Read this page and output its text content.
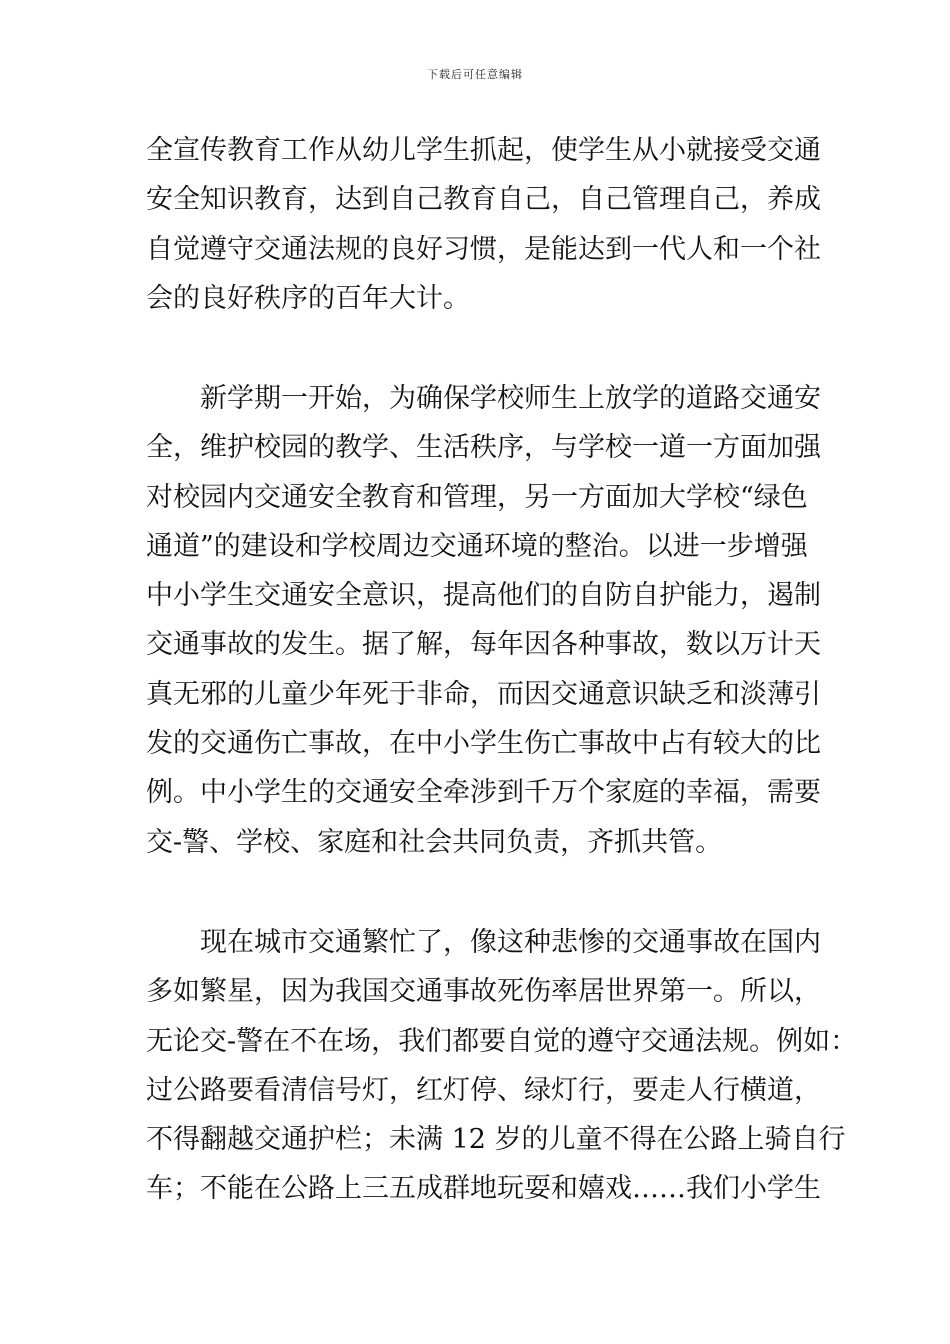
下载后可任意编辑
全宣传教育工作从幼儿学生抓起，使学生从小就接受交通
安全知识教育，达到自己教育自己，自己管理自己，养成
自觉遵守交通法规的良好习惯，是能达到一代人和一个社
会的良好秩序的百年大计。
新学期一开始，为确保学校师生上放学的道路交通安
全，维护校园的教学、生活秩序，与学校一道一方面加强
对校园内交通安全教育和管理，另一方面加大学校“绿色
通道”的建设和学校周边交通环境的整治。以进一步增强
中小学生交通安全意识，提高他们的自防自护能力，遏制
交通事故的发生。据了解，每年因各种事故，数以万计天
真无邪的儿童少年死于非命，而因交通意识缺乏和淡薄引
发的交通伤亡事故，在中小学生伤亡事故中占有较大的比
例。中小学生的交通安全牵涉到千万个家庭的幸福，需要
交-警、学校、家庭和社会共同负责，齐抓共管。
现在城市交通繁忙了，像这种悲惨的交通事故在国内
多如繁星，因为我国交通事故死伤率居世界第一。所以，
无论交-警在不在场，我们都要自觉的遵守交通法规。例如：
过公路要看清信号灯，红灯停、绿灯行，要走人行横道，
不得翻越交通护栏；未满 12 岁的儿童不得在公路上骑自行
车；不能在公路上三五成群地玩耍和嬉戏……我们小学生
